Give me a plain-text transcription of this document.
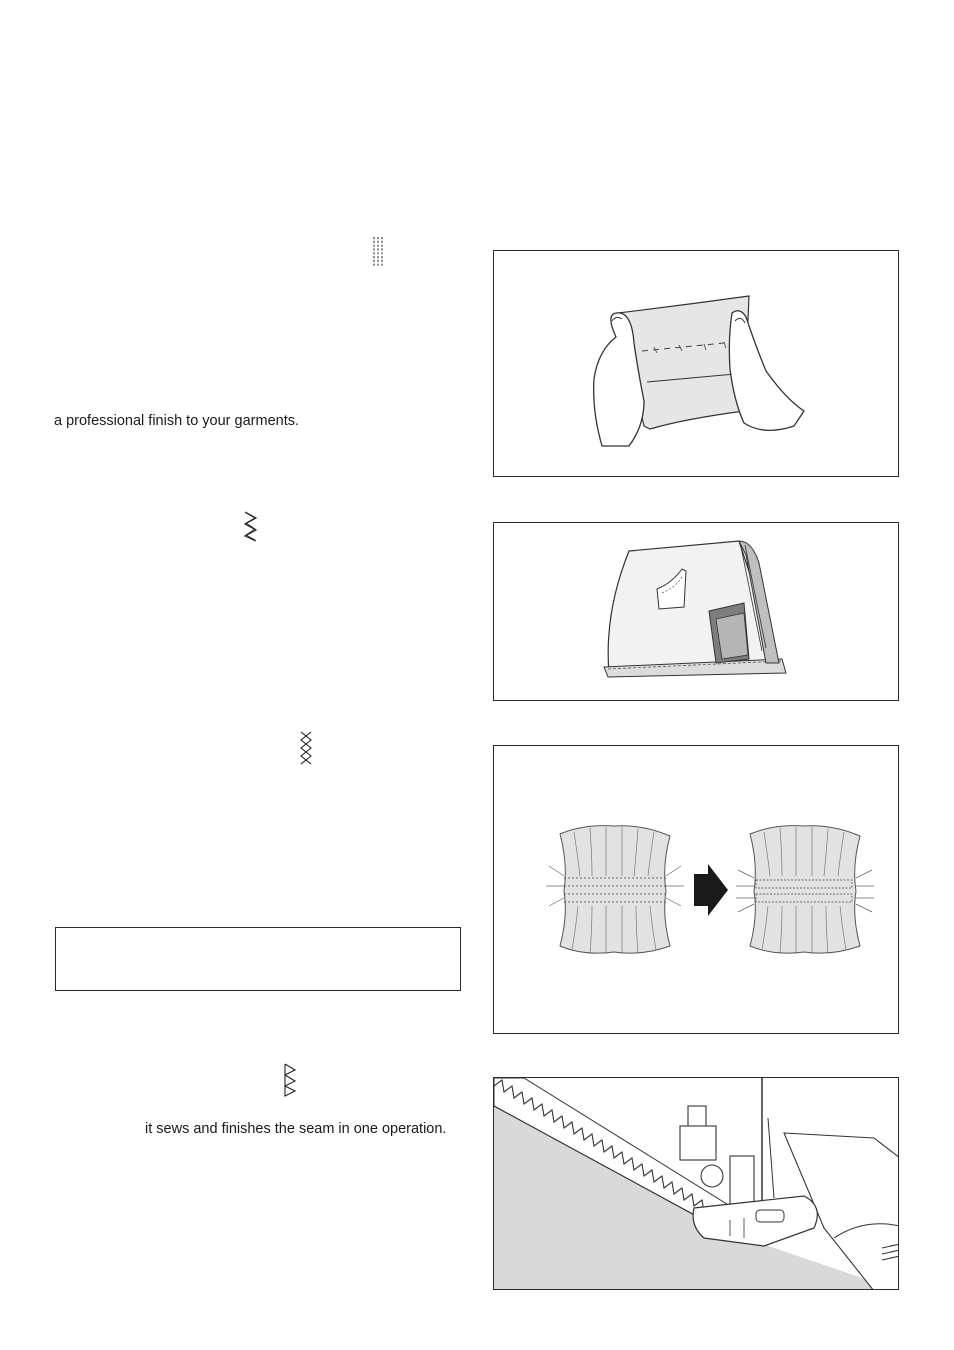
a professional finish to your garments.
it sews and finishes the seam in one operation.
